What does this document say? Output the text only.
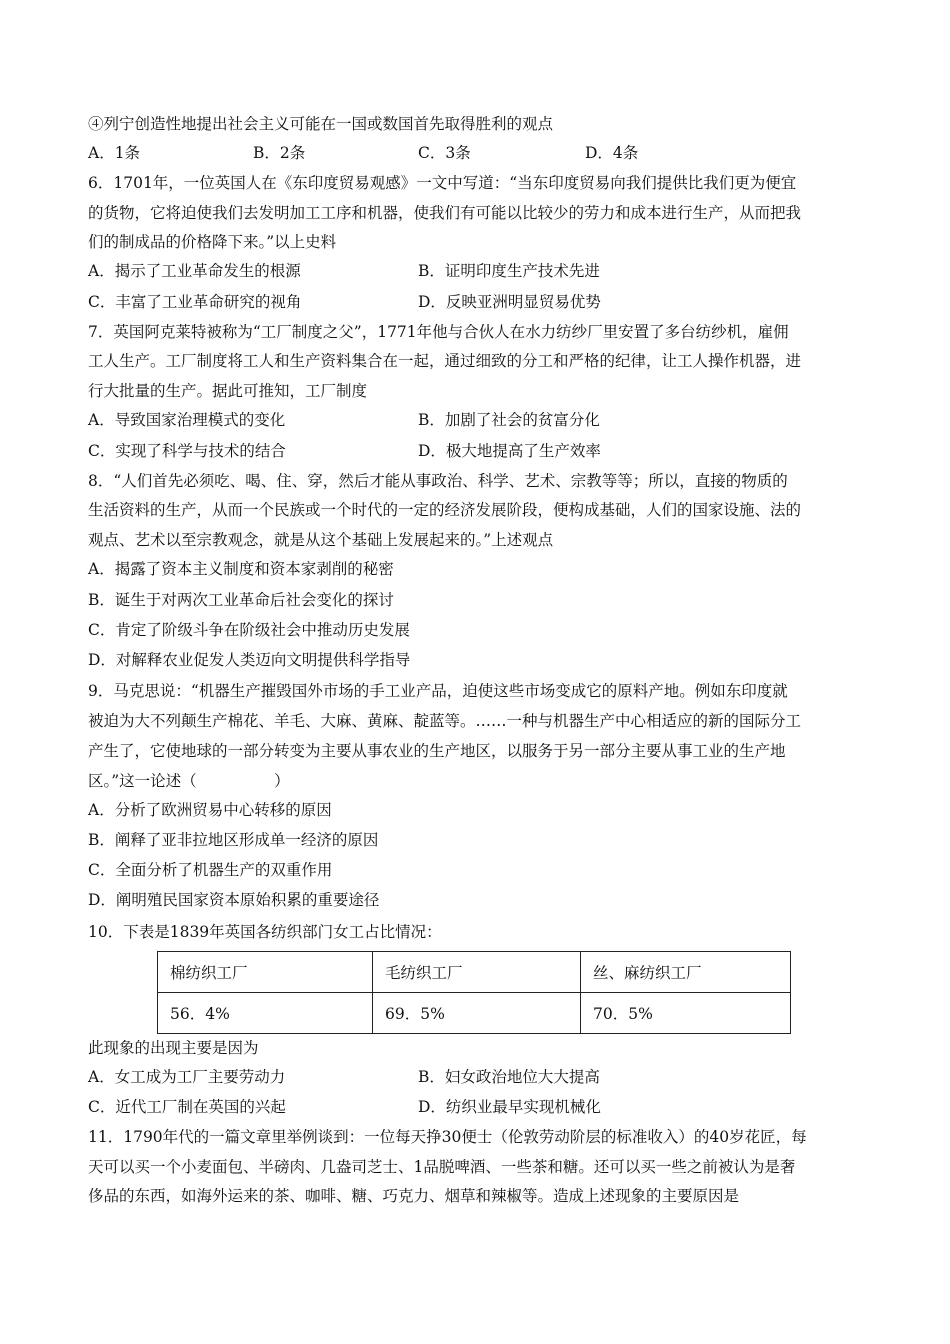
④列宁创造性地提出社会主义可能在一国或数国首先取得胜利的观点
A．1条	B．2条	C．3条	D．4条
6．1701年，一位英国人在《东印度贸易观感》一文中写道：“当东印度贸易向我们提供比我们更为便宜
的货物，它将迫使我们去发明加工工序和机器，使我们有可能以比较少的劳力和成本进行生产，从而把我
们的制成品的价格降下来。”以上史料
A．揭示了工业革命发生的根源	B．证明印度生产技术先进
C．丰富了工业革命研究的视角	D．反映亚洲明显贸易优势
7．英国阿克莱特被称为“工厂制度之父”，1771年他与合伙人在水力纺纱厂里安置了多台纺纱机，雇佣
工人生产。工厂制度将工人和生产资料集合在一起，通过细致的分工和严格的纪律，让工人操作机器，进
行大批量的生产。据此可推知，工厂制度
A．导致国家治理模式的变化	B．加剧了社会的贫富分化
C．实现了科学与技术的结合	D．极大地提高了生产效率
8．“人们首先必须吃、喝、住、穿，然后才能从事政治、科学、艺术、宗教等等；所以，直接的物质的
生活资料的生产，从而一个民族或一个时代的一定的经济发展阶段，便构成基础，人们的国家设施、法的
观点、艺术以至宗教观念，就是从这个基础上发展起来的。”上述观点
A．揭露了资本主义制度和资本家剥削的秘密
B．诞生于对两次工业革命后社会变化的探讨
C．肯定了阶级斗争在阶级社会中推动历史发展
D．对解释农业促发人类迈向文明提供科学指导
9．马克思说：“机器生产摧毁国外市场的手工业产品，迫使这些市场变成它的原料产地。例如东印度就
被迫为大不列颠生产棉花、羊毛、大麻、黄麻、靛蓝等。……一种与机器生产中心相适应的新的国际分工
产生了，它使地球的一部分转变为主要从事农业的生产地区，以服务于另一部分主要从事工业的生产地
区。”这一论述（　　　　　）
A．分析了欧洲贸易中心转移的原因
B．阐释了亚非拉地区形成单一经济的原因
C．全面分析了机器生产的双重作用
D．阐明殖民国家资本原始积累的重要途径
10．下表是1839年英国各纺织部门女工占比情况：
棉纺织工厂	毛纺织工厂	丝、麻纺织工厂
56．4%	69．5%	70．5%
此现象的出现主要是因为
A．女工成为工厂主要劳动力	B．妇女政治地位大大提高
C．近代工厂制在英国的兴起	D．纺织业最早实现机械化
11．1790年代的一篇文章里举例谈到：一位每天挣30便士（伦敦劳动阶层的标准收入）的40岁花匠，每
天可以买一个小麦面包、半磅肉、几盎司芝士、1品脱啤酒、一些茶和糖。还可以买一些之前被认为是奢
侈品的东西，如海外运来的茶、咖啡、糖、巧克力、烟草和辣椒等。造成上述现象的主要原因是
